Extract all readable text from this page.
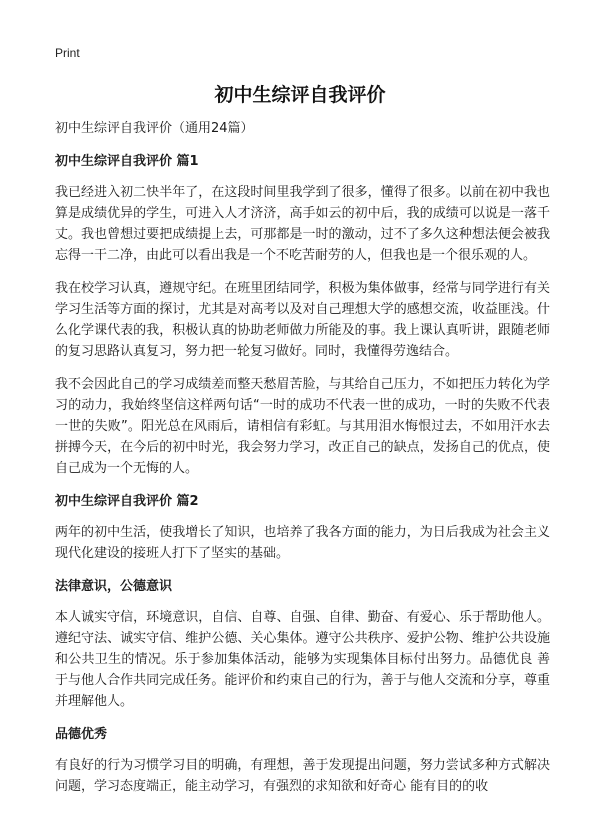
Print
初中生综评自我评价

初中生综评自我评价（通用24篇）

初中生综评自我评价 篇1

我已经进入初二快半年了，在这段时间里我学到了很多，懂得了很多。以前在初中我也算是成绩优异的学生，可进入人才济济，高手如云的初中后，我的成绩可以说是一落千丈。我也曾想过要把成绩提上去，可那都是一时的激动，过不了多久这种想法便会被我忘得一干二净，由此可以看出我是一个不吃苦耐劳的人，但我也是一个很乐观的人。

我在校学习认真，遵规守纪。在班里团结同学，积极为集体做事，经常与同学进行有关学习生活等方面的探讨，尤其是对高考以及对自己理想大学的感想交流，收益匪浅。什么化学课代表的我，积极认真的协助老师做力所能及的事。我上课认真听讲，跟随老师的复习思路认真复习，努力把一轮复习做好。同时，我懂得劳逸结合。

我不会因此自己的学习成绩差而整天愁眉苦脸，与其给自己压力，不如把压力转化为学习的动力，我始终坚信这样两句话“一时的成功不代表一世的成功，一时的失败不代表一世的失败”。阳光总在风雨后，请相信有彩虹。与其用泪水悔恨过去，不如用汗水去拼搏今天，在今后的初中时光，我会努力学习，改正自己的缺点，发扬自己的优点，使自己成为一个无悔的人。

初中生综评自我评价 篇2

两年的初中生活，使我增长了知识，也培养了我各方面的能力，为日后我成为社会主义现代化建设的接班人打下了坚实的基础。

法律意识，公德意识

本人诚实守信，环境意识，自信、自尊、自强、自律、勤奋、有爱心、乐于帮助他人。遵纪守法、诚实守信、维护公德、关心集体。遵守公共秩序、爱护公物、维护公共设施和公共卫生的情况。乐于参加集体活动，能够为实现集体目标付出努力。品德优良 善于与他人合作共同完成任务。能评价和约束自己的行为，善于与他人交流和分享，尊重并理解他人。

品德优秀

有良好的行为习惯学习目的明确，有理想，善于发现提出问题，努力尝试多种方式解决问题，学习态度端正，能主动学习，有强烈的求知欲和好奇心 能有目的的收
